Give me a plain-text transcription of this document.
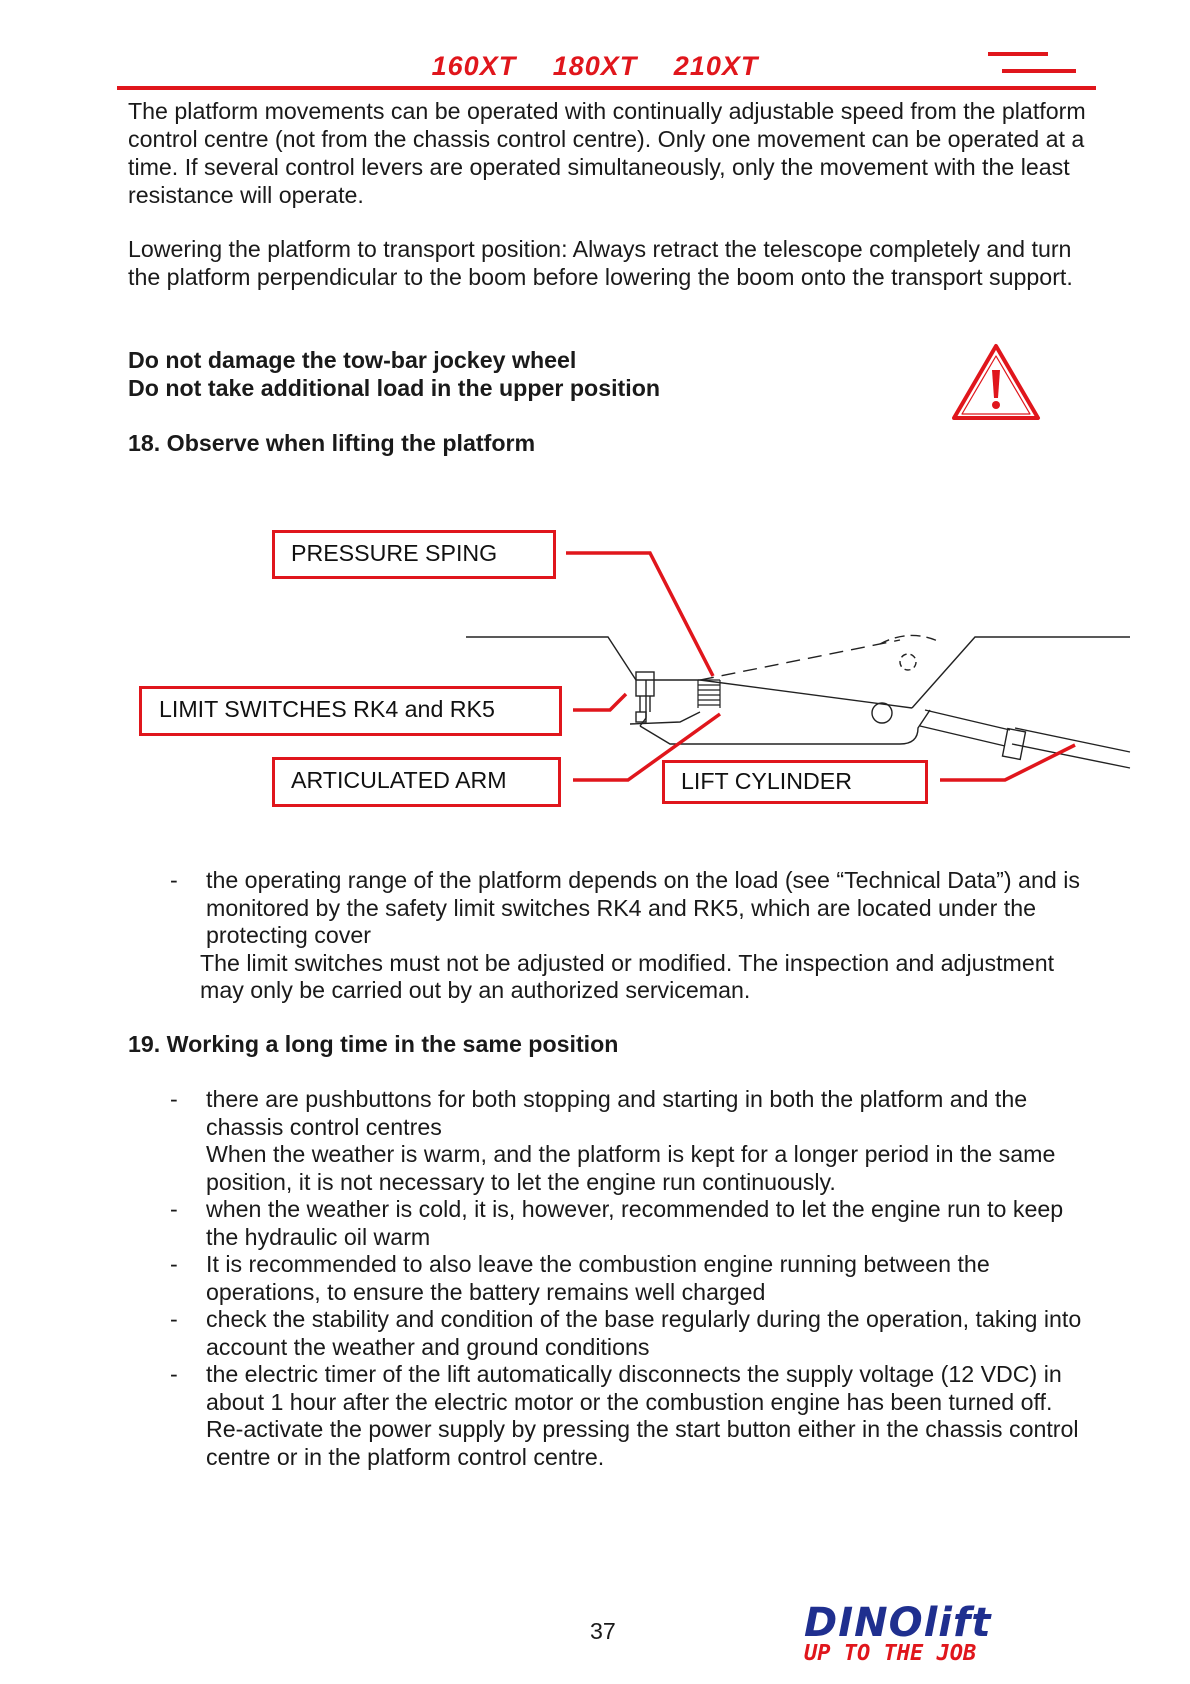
160XT 180XT 210XT
The platform movements can be operated with continually adjustable speed from the platform control centre (not from the chassis control centre). Only one movement can be operated at a time. If several control levers are operated simultaneously, only the movement with the least resistance will operate.
Lowering the platform to transport position: Always retract the telescope completely and turn the platform perpendicular to the boom before lowering the boom onto the transport support.
Do not damage the tow-bar jockey wheel
Do not take additional load in the upper position
18. Observe when lifting the platform
PRESSURE SPING
LIMIT SWITCHES RK4 and RK5
ARTICULATED ARM	LIFT CYLINDER
- the operating range of the platform depends on the load (see “Technical Data”) and is monitored by the safety limit switches RK4 and RK5, which are located under the protecting cover
The limit switches must not be adjusted or modified. The inspection and adjustment may only be carried out by an authorized serviceman.
19. Working a long time in the same position
- there are pushbuttons for both stopping and starting in both the platform and the chassis control centres
When the weather is warm, and the platform is kept for a longer period in the same position, it is not necessary to let the engine run continuously.
- when the weather is cold, it is, however, recommended to let the engine run to keep the hydraulic oil warm
- It is recommended to also leave the combustion engine running between the operations, to ensure the battery remains well charged
- check the stability and condition of the base regularly during the operation, taking into account the weather and ground conditions
- the electric timer of the lift automatically disconnects the supply voltage (12 VDC) in about 1 hour after the electric motor or the combustion engine has been turned off.
Re-activate the power supply by pressing the start button either in the chassis control centre or in the platform control centre.
37	DINOlift
UP TO THE JOB
